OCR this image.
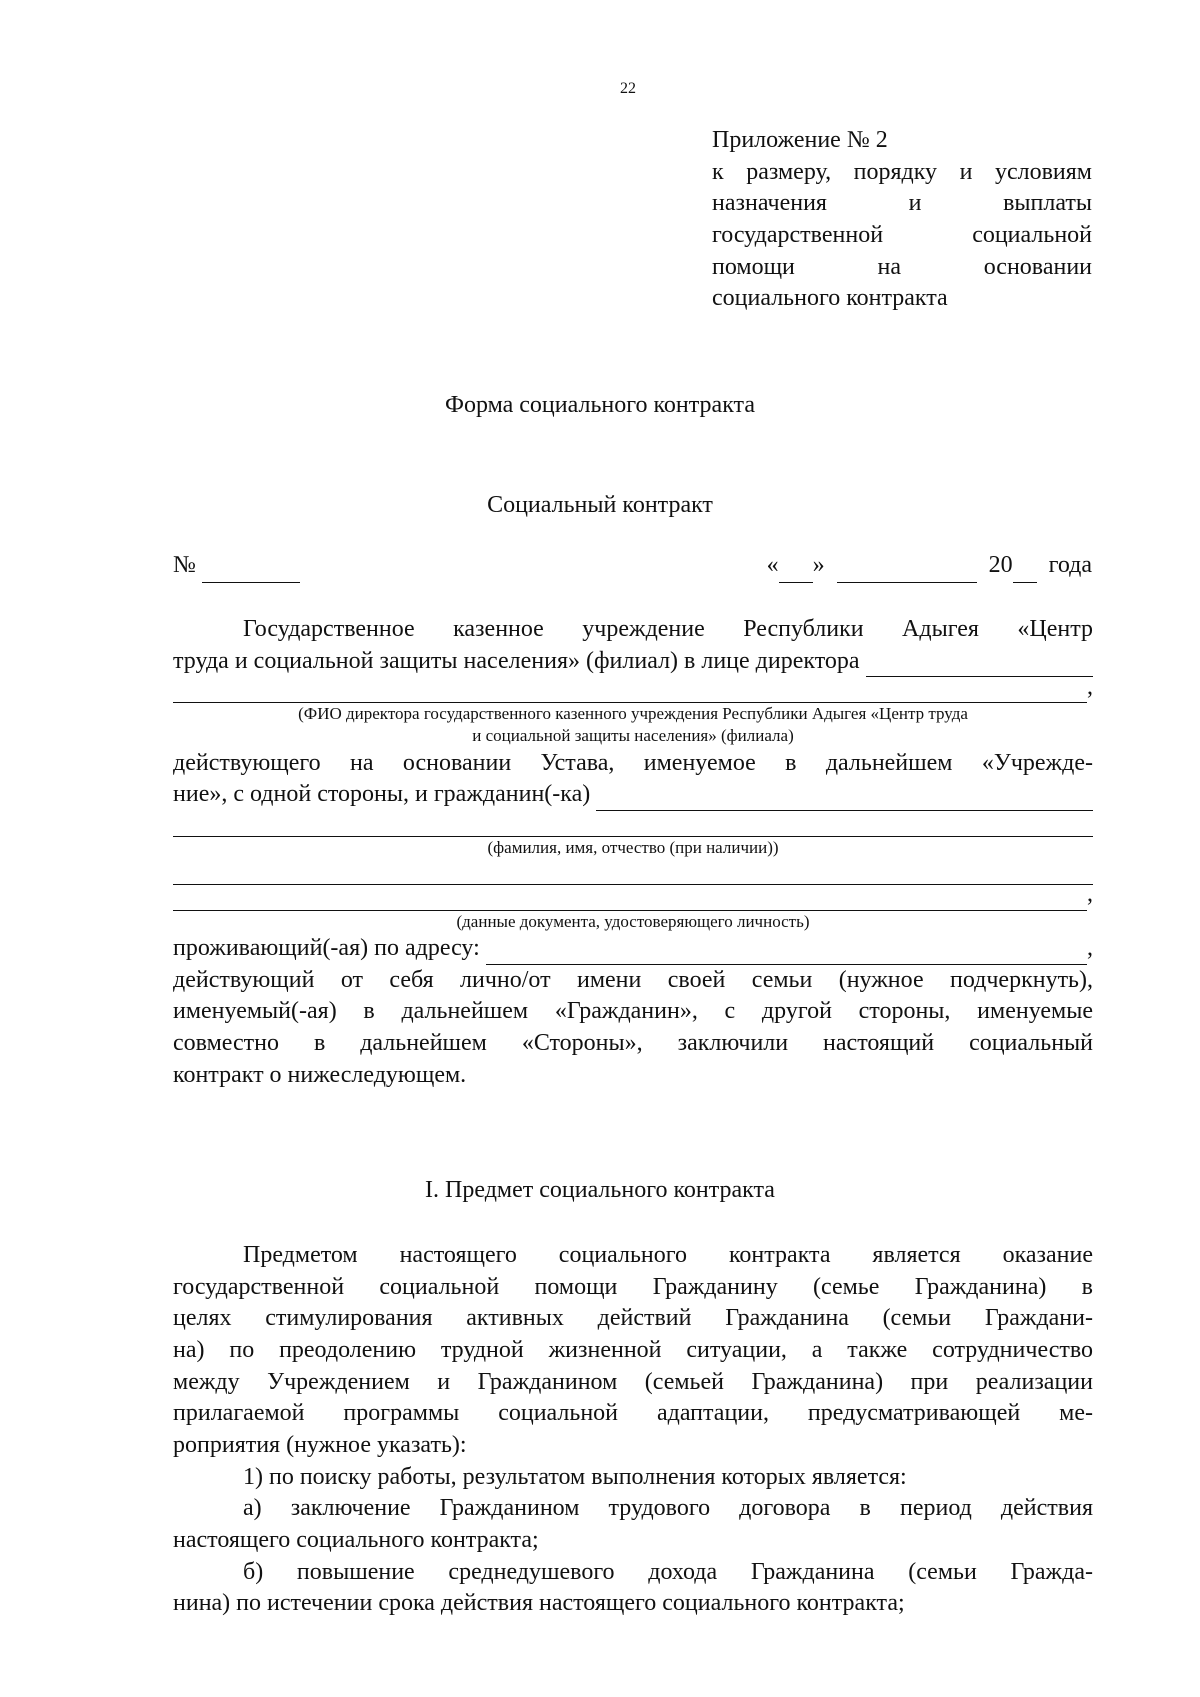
22
Приложение № 2
к размеру, порядку и условиям
назначения и выплаты
государственной социальной
помощи на основании
социального контракта
Форма социального контракта
Социальный контракт
№	« »	20 года
Государственное казенное учреждение Республики Адыгея «Центр
труда и социальной защиты населения» (филиал) в лице директора
,
(ФИО директора государственного казенного учреждения Республики Адыгея «Центр труда
и социальной защиты населения» (филиала)
действующего на основании Устава, именуемое в дальнейшем «Учрежде-
ние», с одной стороны, и гражданин(-ка)
(фамилия, имя, отчество (при наличии))
,
(данные документа, удостоверяющего личность)
проживающий(-ая) по адресу:	,
действующий от себя лично/от имени своей семьи (нужное подчеркнуть),
именуемый(-ая) в дальнейшем «Гражданин», с другой стороны, именуемые
совместно в дальнейшем «Стороны», заключили настоящий социальный
контракт о нижеследующем.
I. Предмет социального контракта
Предметом настоящего социального контракта является оказание
государственной социальной помощи Гражданину (семье Гражданина) в
целях стимулирования активных действий Гражданина (семьи Граждани-
на) по преодолению трудной жизненной ситуации, а также сотрудничество
между Учреждением и Гражданином (семьей Гражданина) при реализации
прилагаемой программы социальной адаптации, предусматривающей ме-
роприятия (нужное указать):
1) по поиску работы, результатом выполнения которых является:
а) заключение Гражданином трудового договора в период действия
настоящего социального контракта;
б) повышение среднедушевого дохода Гражданина (семьи Гражда-
нина) по истечении срока действия настоящего социального контракта;
